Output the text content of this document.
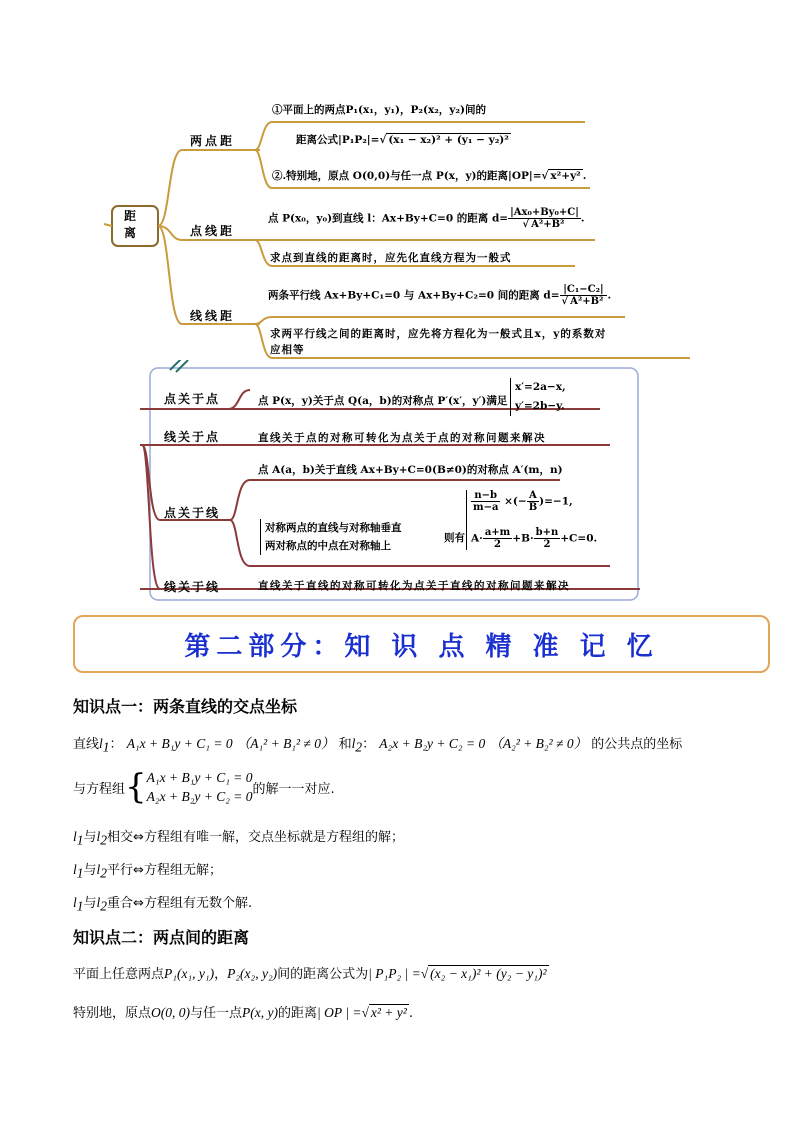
距
离
两点距
点线距
线线距
①平面上的两点P₁(x₁，y₁)，P₂(x₂，y₂)间的
距离公式|P₁P₂|=√ (x₁ − x₂)² + (y₁ − y₂)²
②.特别地，原点 O(0,0)与任一点 P(x，y)的距离|OP|=√ x²+y² .
点 P(x₀，y₀)到直线 l：Ax+By+C=0 的距离 $d= \frac{\text{|Ax₀+By₀+C|}}{\text{√ A²+B²}}$ .
求点到直线的距离时，应先化直线方程为一般式
两条平行线 Ax+By+C₁=0 与 Ax+By+C₂=0 间的距离 $d= \frac{\text{|C₁−C₂|}}{\text{√ A²+B²}}$ .
求两平行线之间的距离时，应先将方程化为一般式且x，y的系数对
应相等
点关于点
线关于点
点关于线
线关于线
点 P(x，y)关于点 Q(a，b)的对称点 P′(x′，y′)满足
x′=2a−x,
y′=2b−y.
直线关于点的对称可转化为点关于点的对称问题来解决
点 A(a，b)关于直线 Ax+By+C=0(B≠0)的对称点 A′(m，n)
对称两点的直线与对称轴垂直
两对称点的中点在对称轴上
则有
$\frac{n-b}{m-a}$ ×(− $\frac{A}{B} )=-1$,
$A\cdot \frac{a+m}{2} +B\cdot \frac{b+n}{2} +C=0$.
直线关于直线的对称可转化为点关于直线的对称问题来解决
第二部分：知 识 点 精 准 记 忆
知识点一：两条直线的交点坐标
直线$l_1$： A₁x + B₁y + C₁ = 0 （A₁² + B₁² ≠ 0） 和$l_2$： A₂x + B₂y + C₂ = 0 （A₂² + B₂² ≠ 0） 的公共点的坐标
与方程组 { A₁x + B₁y + C₁ = 0
A₂x + B₂y + C₂ = 0 的解一一对应.
$l_1$与$l_2$相交⇔方程组有唯一解，交点坐标就是方程组的解；
$l_1$与$l_2$平行⇔方程组无解；
$l_1$与$l_2$重合⇔方程组有无数个解.
知识点二：两点间的距离
平面上任意两点P₁(x₁, y₁)，P₂(x₂, y₂)间的距离公式为| P₁P₂ | =√ (x₂ − x₁)² + (y₂ − y₁)²
特别地，原点O(0, 0)与任一点P(x, y)的距离| OP | =√ x² + y² .
